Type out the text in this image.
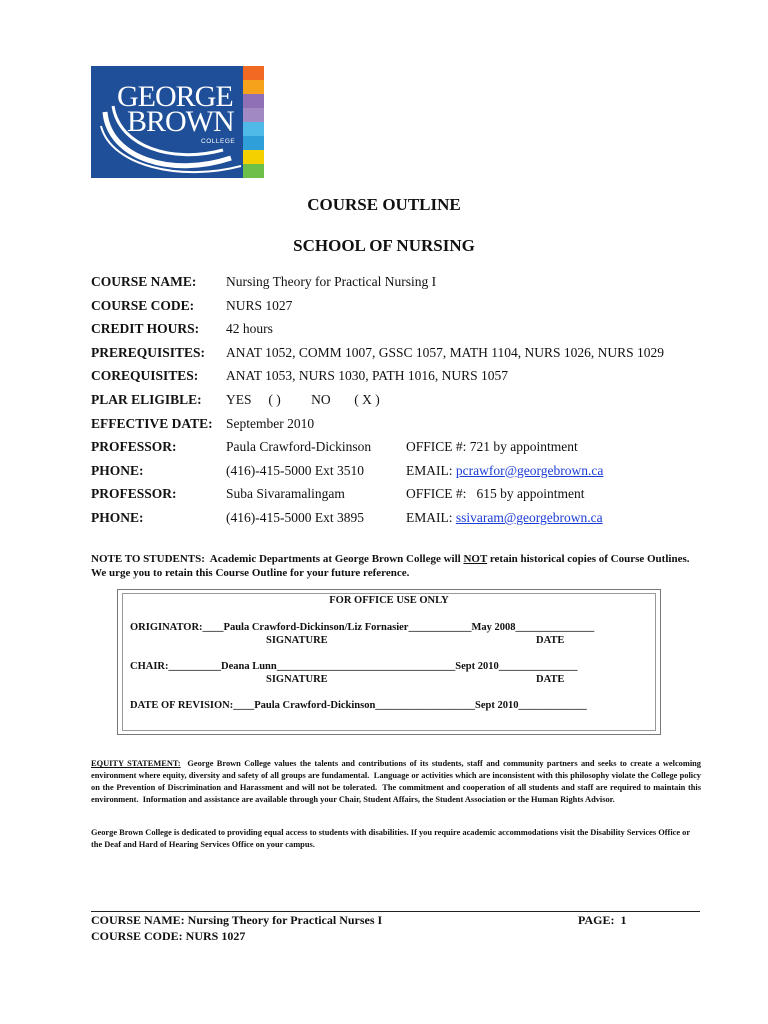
GEORGE
BROWN
COLLEGE
COURSE OUTLINE
SCHOOL OF NURSING
COURSE NAME: Nursing Theory for Practical Nursing I
COURSE CODE: NURS 1027
CREDIT HOURS: 42 hours
PREREQUISITES: ANAT 1052, COMM 1007, GSSC 1057, MATH 1104, NURS 1026, NURS 1029
COREQUISITES: ANAT 1053, NURS 1030, PATH 1016, NURS 1057
PLAR ELIGIBLE: YES ( ) NO ( X )
EFFECTIVE DATE: September 2010
PROFESSOR:	Paula Crawford-Dickinson	OFFICE #: 721 by appointment
PHONE:	(416)-415-5000 Ext 3510	EMAIL: pcrawfor@georgebrown.ca
PROFESSOR:	Suba Sivaramalingam	OFFICE #:   615 by appointment
PHONE:	(416)-415-5000 Ext 3895	EMAIL: ssivaram@georgebrown.ca
NOTE TO STUDENTS:  Academic Departments at George Brown College will NOT retain historical copies of Course Outlines.  We urge you to retain this Course Outline for your future reference.
FOR OFFICE USE ONLY
ORIGINATOR:____Paula Crawford-Dickinson/Liz Fornasier____________May 2008_______________
SIGNATURE	DATE
CHAIR:__________Deana Lunn__________________________________Sept 2010_______________
SIGNATURE	DATE
DATE OF REVISION:____Paula Crawford-Dickinson___________________Sept 2010_____________
EQUITY STATEMENT:  George Brown College values the talents and contributions of its students, staff and community partners and seeks to create a welcoming environment where equity, diversity and safety of all groups are fundamental.  Language or activities which are inconsistent with this philosophy violate the College policy on the Prevention of Discrimination and Harassment and will not be tolerated.  The commitment and cooperation of all students and staff are required to maintain this environment.  Information and assistance are available through your Chair, Student Affairs, the Student Association or the Human Rights Advisor.
George Brown College is dedicated to providing equal access to students with disabilities. If you require academic accommodations visit the Disability Services Office or the Deaf and Hard of Hearing Services Office on your campus.
COURSE NAME: Nursing Theory for Practical Nurses I
COURSE CODE: NURS 1027
PAGE: 1
